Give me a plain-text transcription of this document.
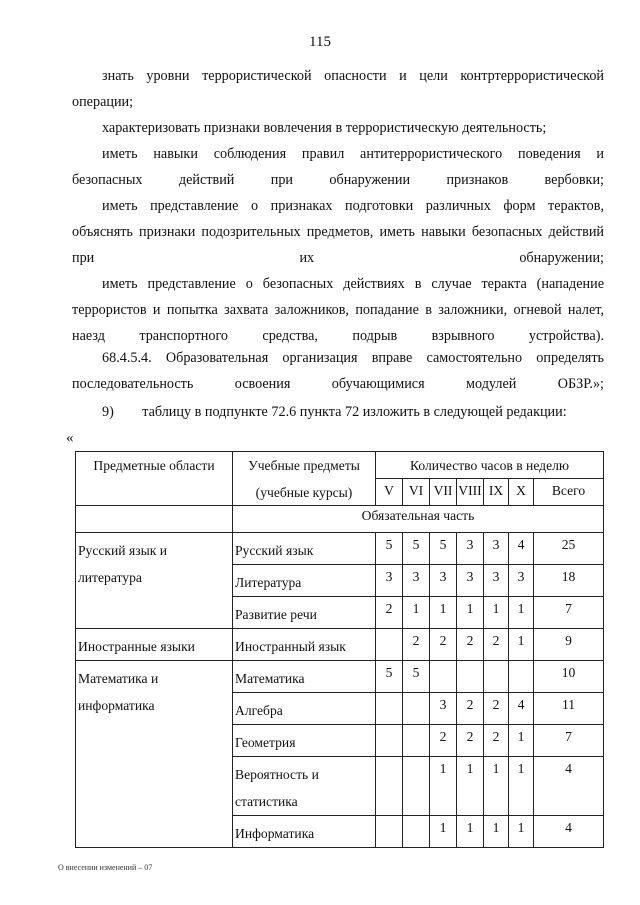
115

знать уровни террористической опасности и цели контртеррористической операции;

характеризовать признаки вовлечения в террористическую деятельность;

иметь навыки соблюдения правил антитеррористического поведения и безопасных действий при обнаружении признаков вербовки;

иметь представление о признаках подготовки различных форм терактов, объяснять признаки подозрительных предметов, иметь навыки безопасных действий при их обнаружении;

иметь представление о безопасных действиях в случае теракта (нападение террористов и попытка захвата заложников, попадание в заложники, огневой налет, наезд транспортного средства, подрыв взрывного устройства).

68.4.5.4. Образовательная организация вправе самостоятельно определять последовательность освоения обучающимися модулей ОБЗР.»;

9)  таблицу в подпункте 72.6 пункта 72 изложить в следующей редакции:

«
Предметные области	Учебные предметы	Количество часов в неделю						
	(учебные курсы)	V	VI	VII	VIII	IX	X	Всего
	Обязательная часть							

Русский язык и
литература	Русский язык	5	5	5	3	3	4	25

	Литература	3	3	3	3	3	3	18

	Развитие речи	2	1	1	1	1	1	7

Иностранные языки	Иностранный язык		2	2	2	2	1	9

Математика и
информатика	Математика	5	5					10

	Алгебра			3	2	2	4	11

	Геометрия			2	2	2	1	7

	Вероятность и
статистика			1	1	1	1	4

	Информатика			1	1	1	1	4
О внесении изменений – 07
